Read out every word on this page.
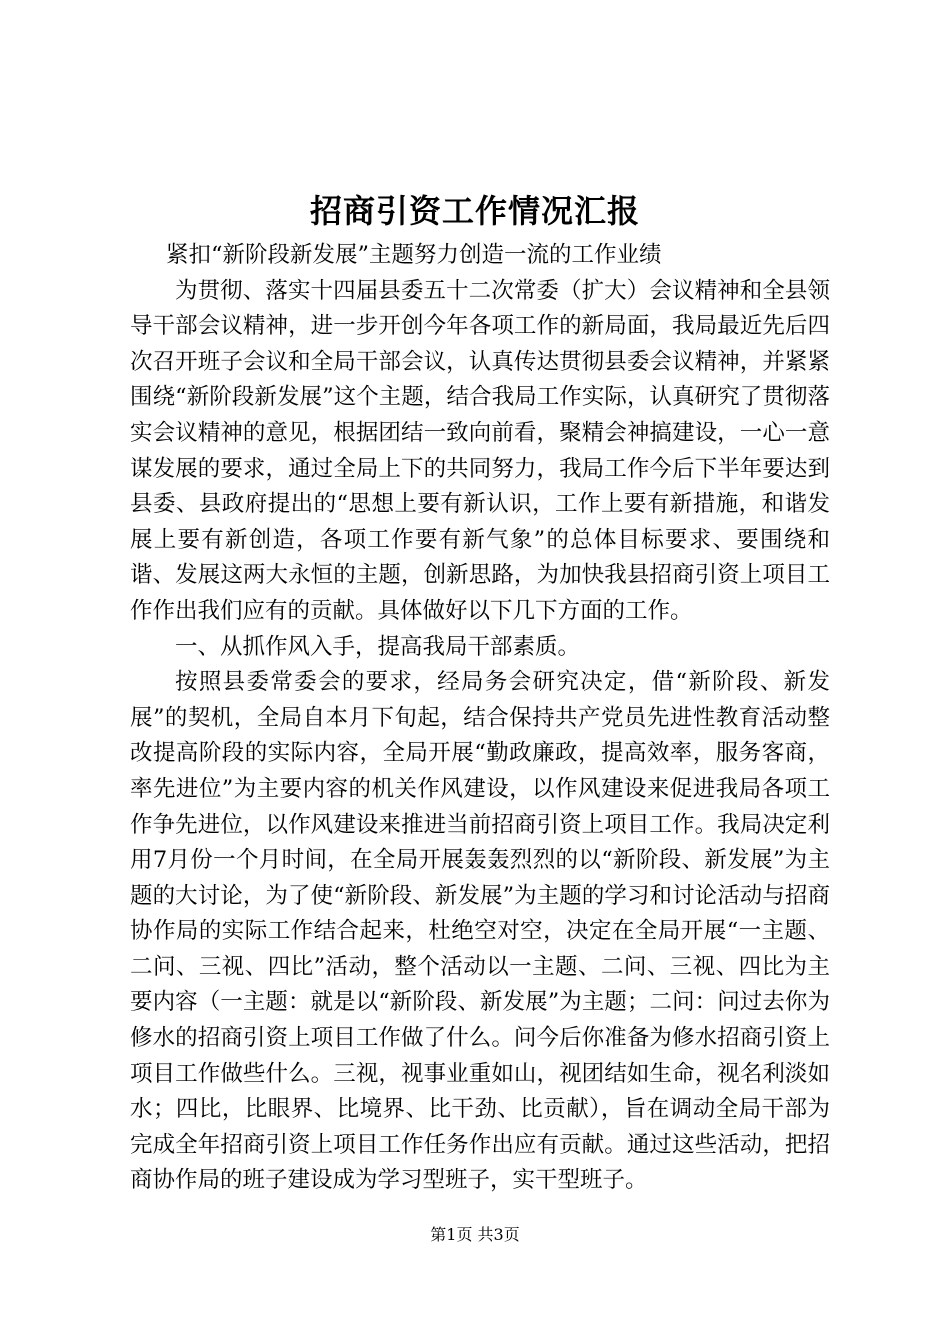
招商引资工作情况汇报

紧扣“新阶段新发展”主题努力创造一流的工作业绩

为贯彻、落实十四届县委五十二次常委（扩大）会议精神和全县领导干部会议精神，进一步开创今年各项工作的新局面，我局最近先后四次召开班子会议和全局干部会议，认真传达贯彻县委会议精神，并紧紧围绕“新阶段新发展”这个主题，结合我局工作实际，认真研究了贯彻落实会议精神的意见，根据团结一致向前看，聚精会神搞建设，一心一意谋发展的要求，通过全局上下的共同努力，我局工作今后下半年要达到县委、县政府提出的“思想上要有新认识，工作上要有新措施，和谐发展上要有新创造，各项工作要有新气象”的总体目标要求、要围绕和谐、发展这两大永恒的主题，创新思路，为加快我县招商引资上项目工作作出我们应有的贡献。具体做好以下几下方面的工作。

一、从抓作风入手，提高我局干部素质。

按照县委常委会的要求，经局务会研究决定，借“新阶段、新发展”的契机，全局自本月下旬起，结合保持共产党员先进性教育活动整改提高阶段的实际内容，全局开展“勤政廉政，提高效率，服务客商，率先进位”为主要内容的机关作风建设，以作风建设来促进我局各项工作争先进位，以作风建设来推进当前招商引资上项目工作。我局决定利用7月份一个月时间，在全局开展轰轰烈烈的以“新阶段、新发展”为主题的大讨论，为了使“新阶段、新发展”为主题的学习和讨论活动与招商协作局的实际工作结合起来，杜绝空对空，决定在全局开展“一主题、二问、三视、四比”活动，整个活动以一主题、二问、三视、四比为主要内容（一主题：就是以“新阶段、新发展”为主题；二问：问过去你为修水的招商引资上项目工作做了什么。问今后你准备为修水招商引资上项目工作做些什么。三视，视事业重如山，视团结如生命，视名利淡如水；四比，比眼界、比境界、比干劲、比贡献），旨在调动全局干部为完成全年招商引资上项目工作任务作出应有贡献。通过这些活动，把招商协作局的班子建设成为学习型班子，实干型班子。

第1页 共3页
